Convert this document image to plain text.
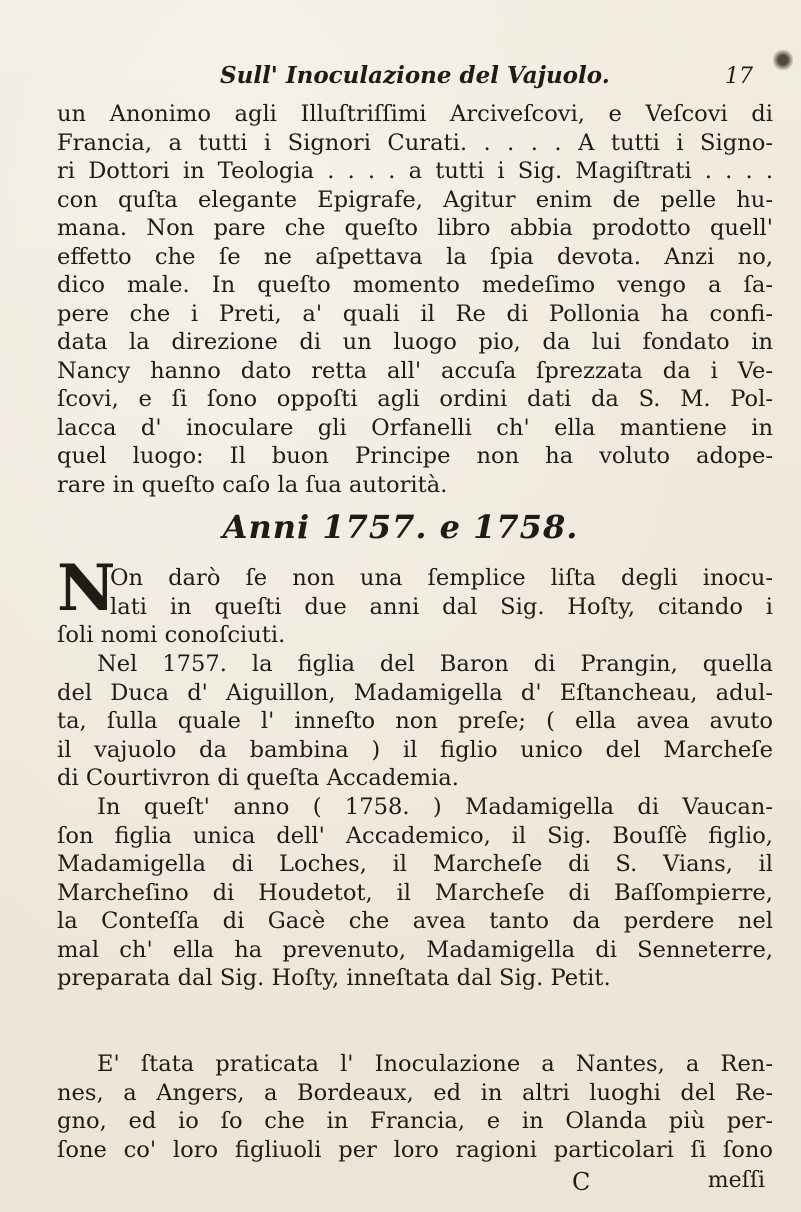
Sull' Inoculazione del Vajuolo.	17
un Anonimo agli Illuſtriſſimi Arciveſcovi, e Veſcovi di
Francia, a tutti i Signori Curati. . . . . A tutti i Signo-
ri Dottori in Teologia . . . . a tutti i Sig. Magiſtrati . . . .
con quſta elegante Epigrafe, Agitur enim de pelle hu-
mana. Non pare che queſto libro abbia prodotto quell'
effetto che ſe ne aſpettava la ſpia devota. Anzi no,
dico male. In queſto momento medeſimo vengo a ſa-
pere che i Preti, a' quali il Re di Pollonia ha confi-
data la direzione di un luogo pio, da lui fondato in
Nancy hanno dato retta all' accuſa ſprezzata da i Ve-
ſcovi, e ſi ſono oppoſti agli ordini dati da S. M. Pol-
lacca d' inoculare gli Orfanelli ch' ella mantiene in
quel luogo: Il buon Principe non ha voluto adope-
rare in queſto caſo la ſua autorità.
Anni 1757. e 1758.
N
On darò ſe non una ſemplice liſta degli inocu-
lati in queſti due anni dal Sig. Hoſty, citando i
ſoli nomi conoſciuti.
Nel 1757. la figlia del Baron di Prangin, quella
del Duca d' Aiguillon, Madamigella d' Eſtancheau, adul-
ta, ſulla quale l' inneſto non preſe; ( ella avea avuto
il vajuolo da bambina ) il figlio unico del Marcheſe
di Courtivron di queſta Accademia.
In queſt' anno ( 1758. ) Madamigella di Vaucan-
ſon figlia unica dell' Accademico, il Sig. Bouſſè figlio,
Madamigella di Loches, il Marcheſe di S. Vians, il
Marcheſino di Houdetot, il Marcheſe di Baſſompierre,
la Conteſſa di Gacè che avea tanto da perdere nel
mal ch' ella ha prevenuto, Madamigella di Senneterre,
preparata dal Sig. Hoſty, inneſtata dal Sig. Petit.
E' ſtata praticata l' Inoculazione a Nantes, a Ren-
nes, a Angers, a Bordeaux, ed in altri luoghi del Re-
gno, ed io ſo che in Francia, e in Olanda più per-
ſone co' loro figliuoli per loro ragioni particolari ſi ſono
C	meſſi
